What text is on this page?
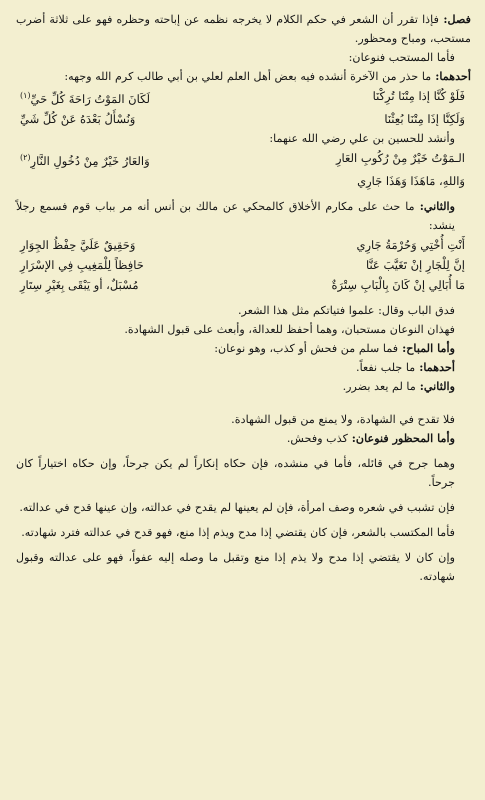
فصل: فإذا تقرر أن الشعر في حكم الكلام لا يخرجه نظمه عن إباحته وحظره فهو على ثلاثة أضرب مستحب، ومباح ومحظور.

فأما المستحب فنوعان:

أحدهما: ما حذر من الآخرة أنشده فيه بعض أهل العلم لعلي بن أبي طالب كرم الله وجهه:

فَلَوْ كُنَّا إذا مِتْنَا تُرِكْنَا
لَكَانَ المَوْتُ رَاحَةَ كُلِّ حَيِّ$^{(١)}$
وَلَكِنَّا إذَا مِتْنَا بُعِثْنَا
وَنُسْأَلُ بَعْدَهُ عَنْ كُلِّ شَيِّ

وأنشد للحسين بن علي رضي الله عنهما:

الـمَوْتُ خَيْرٌ مِنْ رُكُوبِ العَارِ
وَالعَارُ خَيْرٌ مِنْ دُخُولِ النَّارِ$^{(٢)}$
وَاللهِ، مَاهَذَا وَهَذَا جَارِي

والثاني: ما حث على مكارم الأخلاق كالمحكي عن مالك بن أنس أنه مر بباب قوم فسمع رجلاً ينشد:

أَنْتِ أُخْتِي وَحُرْمَةُ جَارِي
وَحَقِيقٌ عَلَيَّ حِفْظُ الجِوَارِ
إنَّ لِلْجَارِ إنْ تَغَيَّبَ عَنَّا
حَافِظاً لِلْمَغِيبِ فِي الإسْرَارِ
مَا أُبَالِي إنْ كَانَ بِالْبَابِ سِتْرَةٌ
مُسْبَلٌ، أو يَبْقَى بِغَيْرِ سِتَارِ

فدق الباب وقال: علموا فتياتكم مثل هذا الشعر.

فهذان النوعان مستحبان، وهما أحفظ للعدالة، وأبعث على قبول الشهادة.

وأما المباح: فما سلم من فحش أو كذب، وهو نوعان:

أحدهما: ما جلب نفعاً.

والثاني: ما لم يعد بضرر.

فلا تقدح في الشهادة، ولا يمنع من قبول الشهادة.

وأما المحظور فنوعان: كذب وفحش.

وهما جرح في قائله، فأما في منشده، فإن حكاه إنكاراً لم يكن جرحاً، وإن حكاه اختياراً كان جرحاً.

فإن تشبب في شعره وصف امرأة، فإن لم يعينها لم يقدح في عدالته، وإن عينها قدح في عدالته.

فأما المكتسب بالشعر، فإن كان يقتضي إذا مدح ويذم إذا منع، فهو قدح في عدالته فترد شهادته.

وإن كان لا يقتضي إذا مدح ولا يذم إذا منع وتقبل ما وصله إليه عفواً، فهو على عدالته وقبول شهادته.
